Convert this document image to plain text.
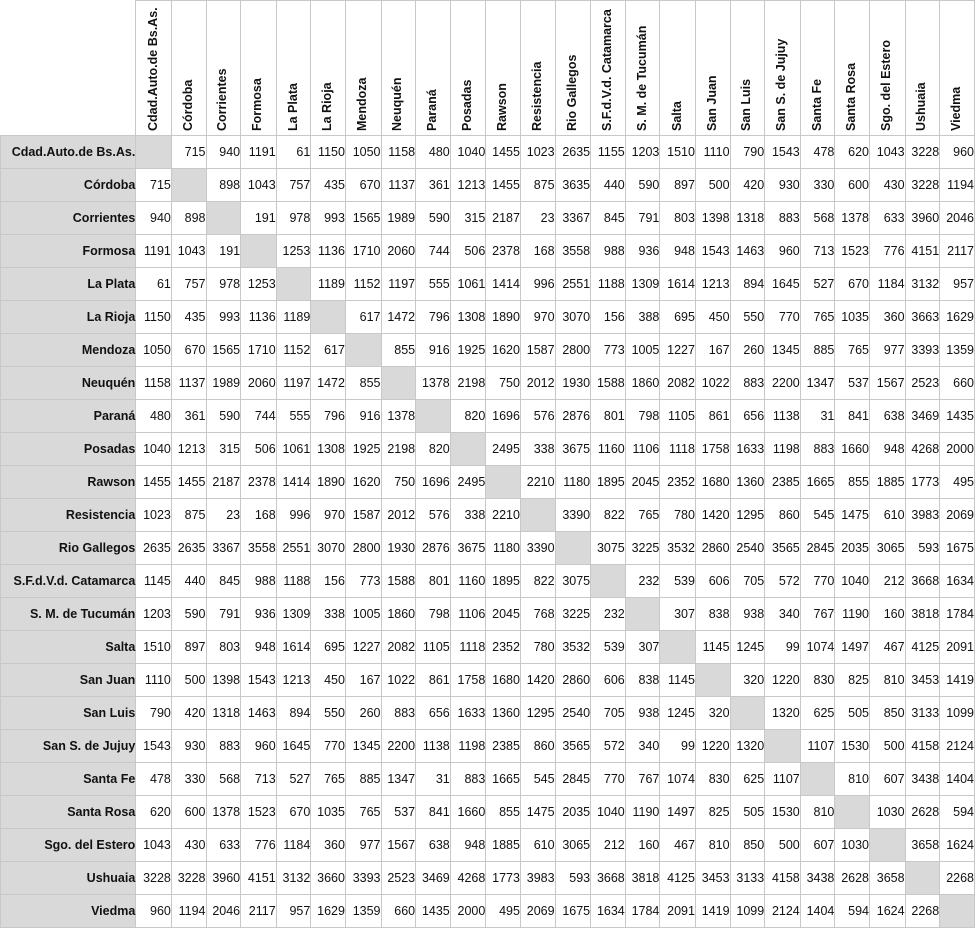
	Cdad.Auto.de Bs.As.	Córdoba	Corrientes	Formosa	La Plata	La Rioja	Mendoza	Neuquén	Paraná	Posadas	Rawson	Resistencia	Rio Gallegos	S.F.d.V.d. Catamarca	S. M. de Tucumán	Salta	San Juan	San Luis	San S. de Jujuy	Santa Fe	Santa Rosa	Sgo. del Estero	Ushuaia	Viedma

Cdad.Auto.de Bs.As.		715	940	1191	61	1150	1050	1158	480	1040	1455	1023	2635	1155	1203	1510	1110	790	1543	478	620	1043	3228	960
Córdoba	715		898	1043	757	435	670	1137	361	1213	1455	875	3635	440	590	897	500	420	930	330	600	430	3228	1194
Corrientes	940	898		191	978	993	1565	1989	590	315	2187	23	3367	845	791	803	1398	1318	883	568	1378	633	3960	2046
Formosa	1191	1043	191		1253	1136	1710	2060	744	506	2378	168	3558	988	936	948	1543	1463	960	713	1523	776	4151	2117
La Plata	61	757	978	1253		1189	1152	1197	555	1061	1414	996	2551	1188	1309	1614	1213	894	1645	527	670	1184	3132	957
La Rioja	1150	435	993	1136	1189		617	1472	796	1308	1890	970	3070	156	388	695	450	550	770	765	1035	360	3663	1629
Mendoza	1050	670	1565	1710	1152	617		855	916	1925	1620	1587	2800	773	1005	1227	167	260	1345	885	765	977	3393	1359
Neuquén	1158	1137	1989	2060	1197	1472	855		1378	2198	750	2012	1930	1588	1860	2082	1022	883	2200	1347	537	1567	2523	660
Paraná	480	361	590	744	555	796	916	1378		820	1696	576	2876	801	798	1105	861	656	1138	31	841	638	3469	1435
Posadas	1040	1213	315	506	1061	1308	1925	2198	820		2495	338	3675	1160	1106	1118	1758	1633	1198	883	1660	948	4268	2000
Rawson	1455	1455	2187	2378	1414	1890	1620	750	1696	2495		2210	1180	1895	2045	2352	1680	1360	2385	1665	855	1885	1773	495
Resistencia	1023	875	23	168	996	970	1587	2012	576	338	2210		3390	822	765	780	1420	1295	860	545	1475	610	3983	2069
Rio Gallegos	2635	2635	3367	3558	2551	3070	2800	1930	2876	3675	1180	3390		3075	3225	3532	2860	2540	3565	2845	2035	3065	593	1675
S.F.d.V.d. Catamarca	1145	440	845	988	1188	156	773	1588	801	1160	1895	822	3075		232	539	606	705	572	770	1040	212	3668	1634
S. M. de Tucumán	1203	590	791	936	1309	338	1005	1860	798	1106	2045	768	3225	232		307	838	938	340	767	1190	160	3818	1784
Salta	1510	897	803	948	1614	695	1227	2082	1105	1118	2352	780	3532	539	307		1145	1245	99	1074	1497	467	4125	2091
San Juan	1110	500	1398	1543	1213	450	167	1022	861	1758	1680	1420	2860	606	838	1145		320	1220	830	825	810	3453	1419
San Luis	790	420	1318	1463	894	550	260	883	656	1633	1360	1295	2540	705	938	1245	320		1320	625	505	850	3133	1099
San S. de Jujuy	1543	930	883	960	1645	770	1345	2200	1138	1198	2385	860	3565	572	340	99	1220	1320		1107	1530	500	4158	2124
Santa Fe	478	330	568	713	527	765	885	1347	31	883	1665	545	2845	770	767	1074	830	625	1107		810	607	3438	1404
Santa Rosa	620	600	1378	1523	670	1035	765	537	841	1660	855	1475	2035	1040	1190	1497	825	505	1530	810		1030	2628	594
Sgo. del Estero	1043	430	633	776	1184	360	977	1567	638	948	1885	610	3065	212	160	467	810	850	500	607	1030		3658	1624
Ushuaia	3228	3228	3960	4151	3132	3660	3393	2523	3469	4268	1773	3983	593	3668	3818	4125	3453	3133	4158	3438	2628	3658		2268
Viedma	960	1194	2046	2117	957	1629	1359	660	1435	2000	495	2069	1675	1634	1784	2091	1419	1099	2124	1404	594	1624	2268	
